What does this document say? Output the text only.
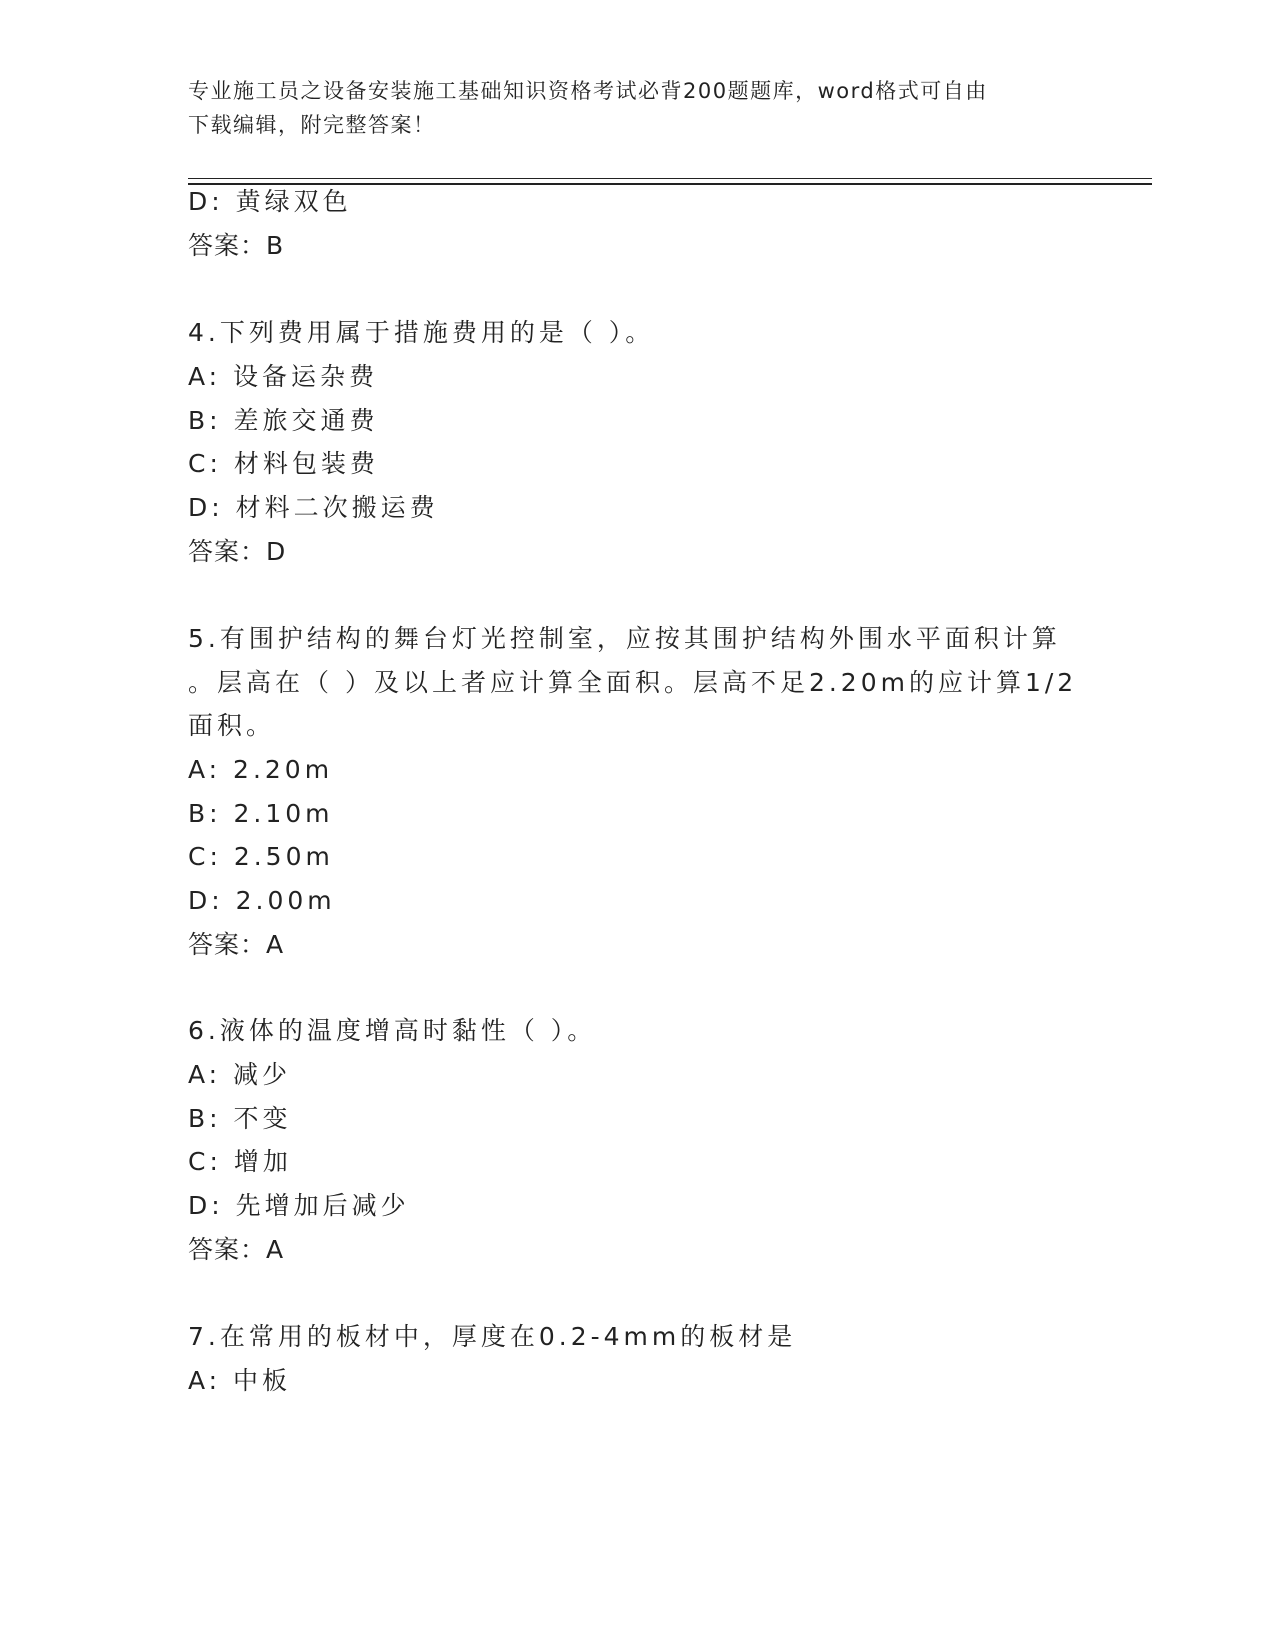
专业施工员之设备安装施工基础知识资格考试必背200题题库，word格式可自由
下载编辑，附完整答案！
D: 黄绿双色
答案：B
4.下列费用属于措施费用的是（ ）。
A: 设备运杂费
B: 差旅交通费
C: 材料包装费
D: 材料二次搬运费
答案：D
5.有围护结构的舞台灯光控制室，应按其围护结构外围水平面积计算
。层高在（ ）及以上者应计算全面积。层高不足2.20m的应计算1/2
面积。
A: 2.20m
B: 2.10m
C: 2.50m
D: 2.00m
答案：A
6.液体的温度增高时黏性（ ）。
A: 减少
B: 不变
C: 增加
D: 先增加后减少
答案：A
7.在常用的板材中，厚度在0.2-4mm的板材是
A: 中板
